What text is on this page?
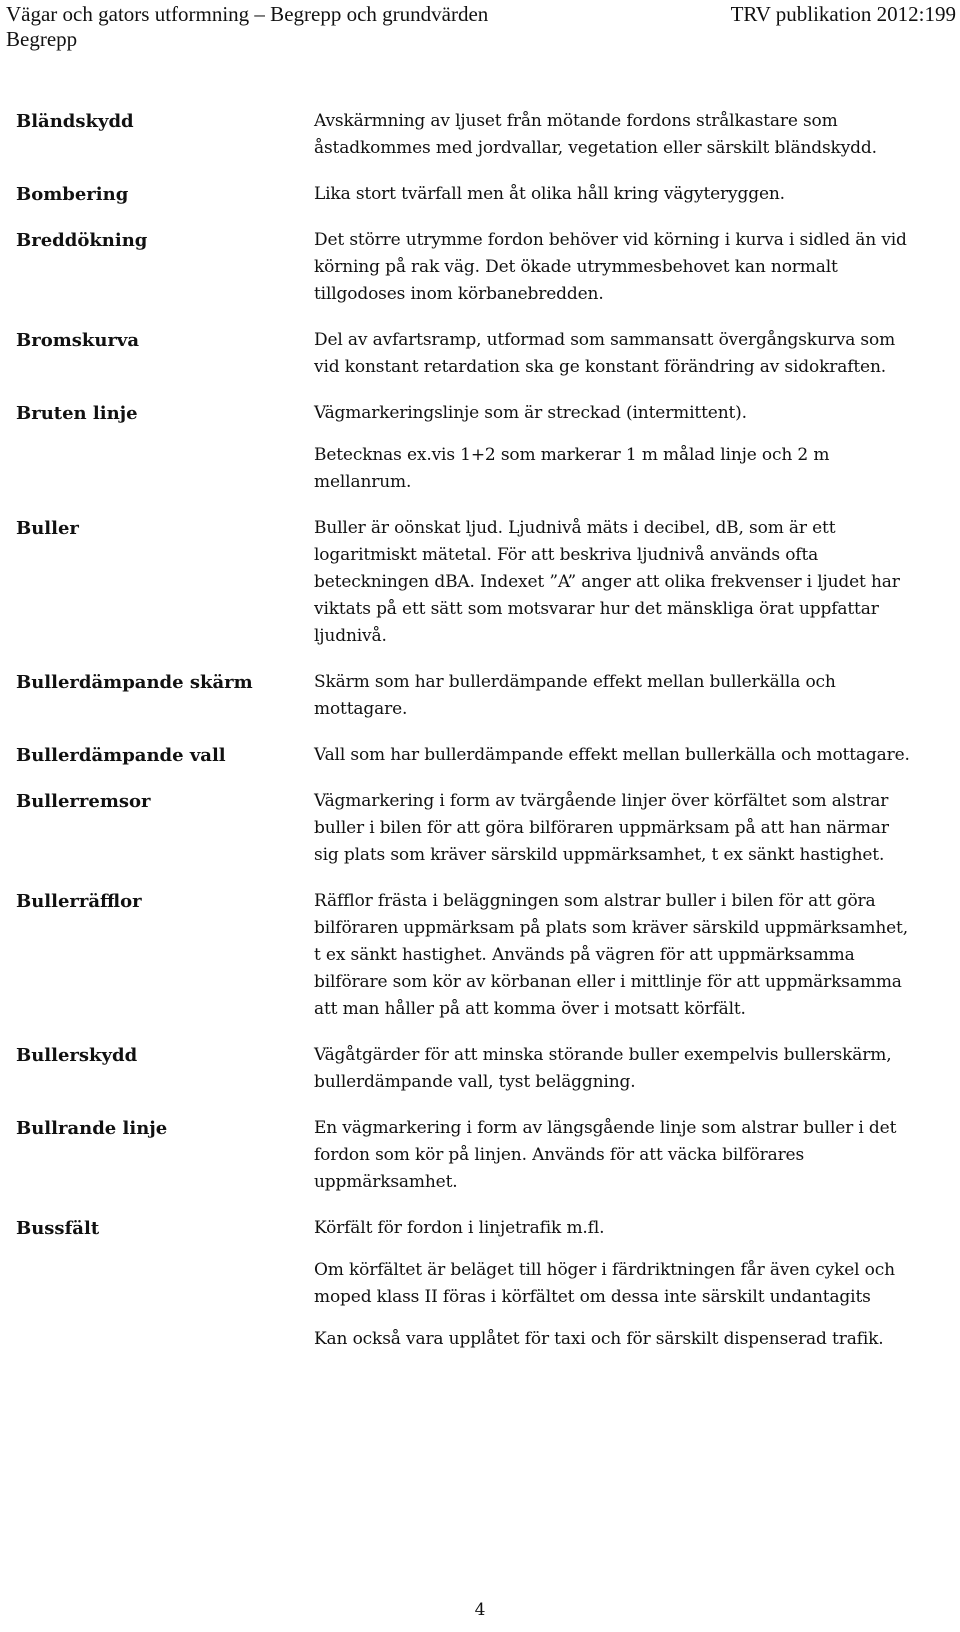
Vägar och gators utformning – Begrepp och grundvärden	TRV publikation 2012:199
Begrepp
Bländskydd	Avskärmning av ljuset från mötande fordons strålkastare som åstadkommes med jordvallar, vegetation eller särskilt bländskydd.

Bombering	Lika stort tvärfall men åt olika håll kring vägyteryggen.

Breddökning	Det större utrymme fordon behöver vid körning i kurva i sidled än vid körning på rak väg. Det ökade utrymmesbehovet kan normalt tillgodoses inom körbanebredden.

Bromskurva	Del av avfartsramp, utformad som sammansatt övergångskurva som vid konstant retardation ska ge konstant förändring av sidokraften.

Bruten linje	Vägmarkeringslinje som är streckad (intermittent).

Betecknas ex.vis 1+2 som markerar 1 m målad linje och 2 m mellanrum.

Buller	Buller är oönskat ljud. Ljudnivå mäts i decibel, dB, som är ett logaritmiskt mätetal. För att beskriva ljudnivå används ofta beteckningen dBA. Indexet ”A” anger att olika frekvenser i ljudet har viktats på ett sätt som motsvarar hur det mänskliga örat uppfattar ljudnivå.

Bullerdämpande skärm	Skärm som har bullerdämpande effekt mellan bullerkälla och mottagare.

Bullerdämpande vall	Vall som har bullerdämpande effekt mellan bullerkälla och mottagare.

Bullerremsor	Vägmarkering i form av tvärgående linjer över körfältet som alstrar buller i bilen för att göra bilföraren uppmärksam på att han närmar sig plats som kräver särskild uppmärksamhet, t ex sänkt hastighet.

Bullerräfflor	Räfflor frästa i beläggningen som alstrar buller i bilen för att göra bilföraren uppmärksam på plats som kräver särskild uppmärksamhet, t ex sänkt hastighet. Används på vägren för att uppmärksamma bilförare som kör av körbanan eller i mittlinje för att uppmärksamma att man håller på att komma över i motsatt körfält.

Bullerskydd	Vägåtgärder för att minska störande buller exempelvis bullerskärm, bullerdämpande vall, tyst beläggning.

Bullrande linje	En vägmarkering i form av längsgående linje som alstrar buller i det fordon som kör på linjen. Används för att väcka bilförares uppmärksamhet.

Bussfält	Körfält för fordon i linjetrafik m.fl.

Om körfältet är beläget till höger i färdriktningen får även cykel och moped klass II föras i körfältet om dessa inte särskilt undantagits

Kan också vara upplåtet för taxi och för särskilt dispenserad trafik.

4
